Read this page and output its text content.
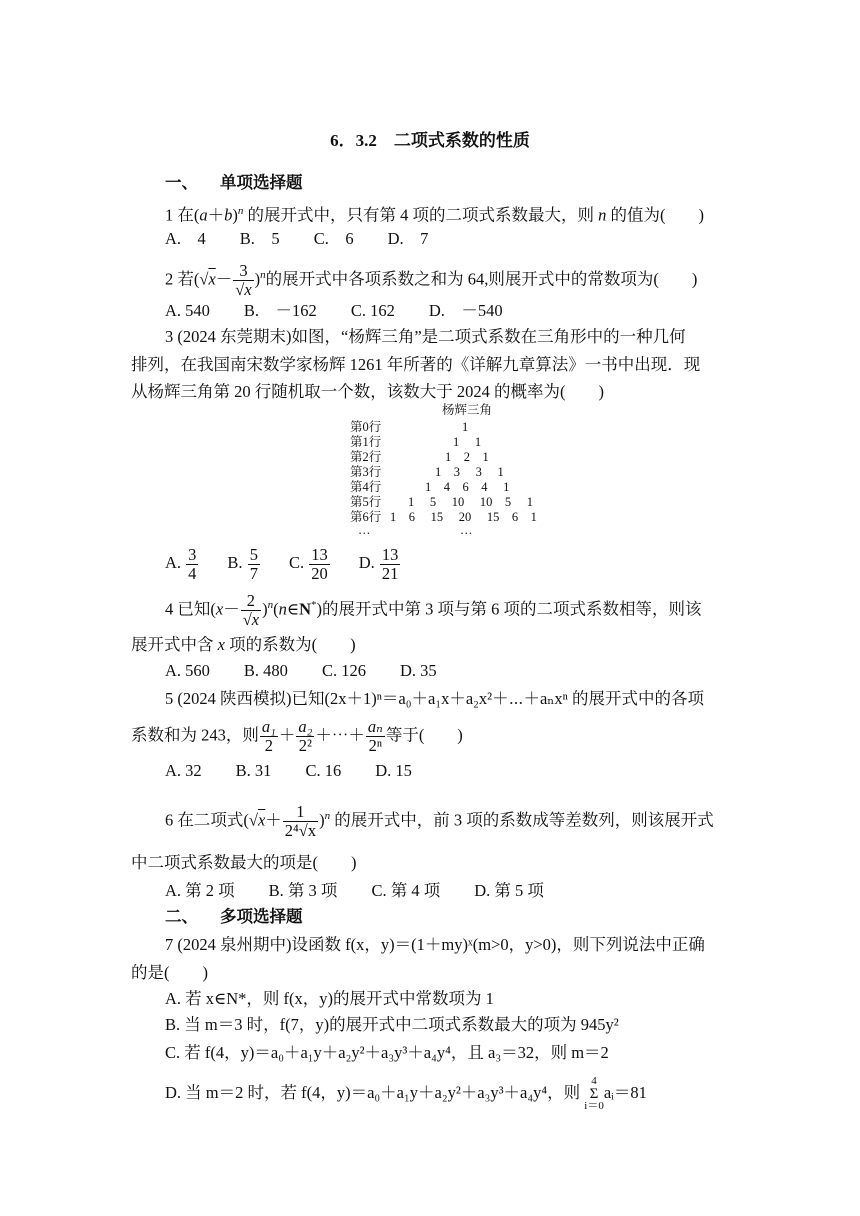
6．3.2　二项式系数的性质
一、 单项选择题
1 在$(a+b)^n$ 的展开式中，只有第 4 项的二项式系数最大，则 n 的值为(　　)
A.　4 B.　5 C.　6 D.　7
2 若$(√x- \frac{3}{√x} )^n$的展开式中各项系数之和为 64,则展开式中的常数项为(　　)
A. 540 B.　－162 C. 162 D.　－540
3 (2024 东莞期末)如图，“杨辉三角”是二项式系数在三角形中的一种几何
排列，在我国南宋数学家杨辉 1261 年所著的《详解九章算法》一书中出现．现
从杨辉三角第 20 行随机取一个数，该数大于 2024 的概率为(　　)
杨辉三角
第0行	1
第1行	1　 1
第2行	1　2　1
第3行	1　3　 3　 1
第4行	1　4　6　4　 1
第5行 1　 5　 10　 10　5　 1
第6行 1　6　 15　 20　 15　6　1
…	…
A. $\frac{3}{4} B$. $\frac{5}{7} C$. $\frac{13}{20} D$. $\frac{13}{21}$
4 已知($x- \frac{2}{√x}$ )$^n(n\in N^*)$的展开式中第 3 项与第 6 项的二项式系数相等，则该
展开式中含 x 项的系数为(　　)
A. 560 B. 480 C. 126 D. 35
5 (2024 陕西模拟)已知(2x＋1)ⁿ＝a₀＋a₁x＋a₂x²＋⋯＋aₙxⁿ 的展开式中的各项
系数和为 243，则 $\frac{\text{a₁}}{2} + \frac{\text{a₂}}{\text{2²}}$ ＋⋯＋ $\frac{\text{aₙ}}{\text{2ⁿ}}$ 等于(　　)
A. 32 B. 31 C. 16 D. 15
6 在二项式$(√x+ \frac{1}{\text{2⁴√x}} )^n$ 的展开式中，前 3 项的系数成等差数列，则该展开式
中二项式系数最大的项是(　　)
A. 第 2 项 B. 第 3 项 C. 第 4 项 D. 第 5 项
二、 多项选择题
7 (2024 泉州期中)设函数 f(x，y)＝(1＋my)ˣ(m>0，y>0)，则下列说法中正确
的是(　　)
A. 若 x∈N*，则 f(x，y)的展开式中常数项为 1
B. 当 m＝3 时，f(7，y)的展开式中二项式系数最大的项为 945y²
C. 若 f(4，y)＝a₀＋a₁y＋a₂y²＋a₃y³＋a₄y⁴，且 a₃＝32，则 m＝2
D. 当 m＝2 时，若 f(4，y)＝a₀＋a₁y＋a₂y²＋a₃y³＋a₄y⁴，则
4
Σ
i＝0
aᵢ＝81
